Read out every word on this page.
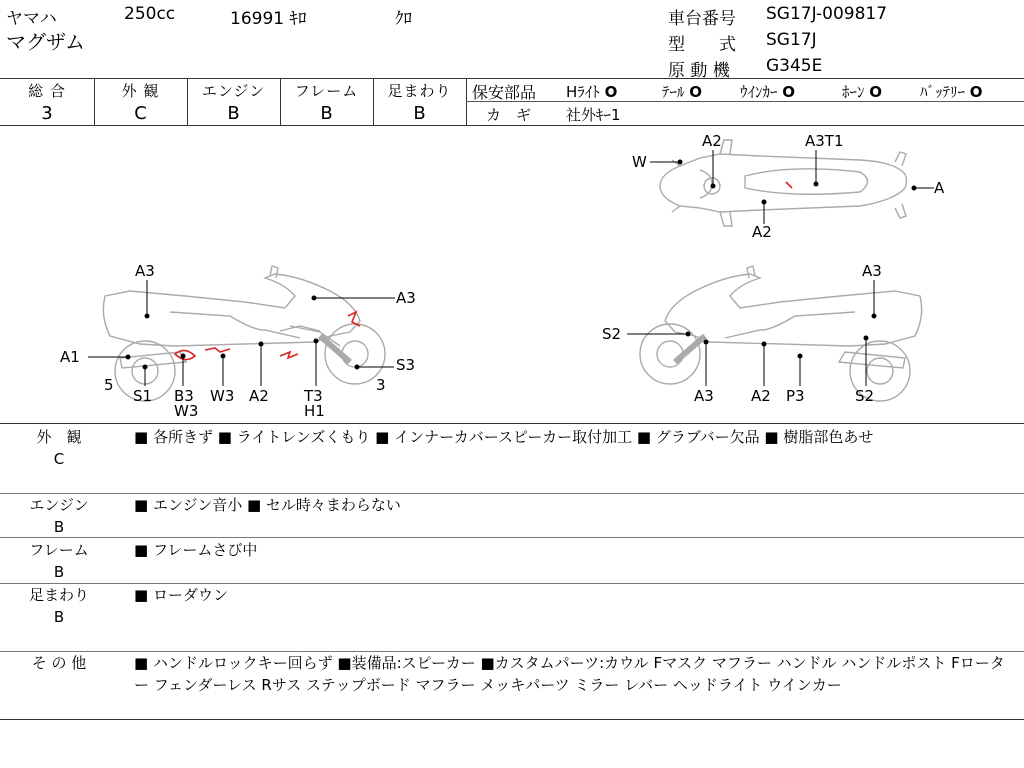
ヤマハ	250cc	16991 ｷﾛ	ｸﾛ
マグザム
車台番号 SG17J-009817
型　　式 SG17J
原 動 機 G345E
総 合
3
外 観
C
エンジン
B
フレーム
B
足まわり
B
保安部品 Hﾗｲﾄ O	ﾃｰﾙ O	ｳｲﾝｶｰ O	ﾎｰﾝ O	ﾊﾞｯﾃﾘｰ O
カ　ギ 社外ｷｰ1
W
A2	A3T1
A
A2
A3
A3
A1	S3
5
S1 B3
W3
W3 A2 T3
H1
3
A3
S2
A3 A2 P3	S2
外　観
C
■ 各所きず ■ ライトレンズくもり ■ インナーカバースピーカー取付加工 ■ グラブバー欠品 ■ 樹脂部色あせ
エンジン
B
■ エンジン音小 ■ セル時々まわらない
フレーム
B
■ フレームさび中
足まわり
B
■ ローダウン
そ の 他	■ ハンドルロックキー回らず ■装備品:スピーカー ■カスタムパーツ:カウル Fマスク マフラー ハンドル ハンドルポスト Fローター フェンダーレス Rサス ステップボード マフラー メッキパーツ ミラー レバー ヘッドライト ウインカー
